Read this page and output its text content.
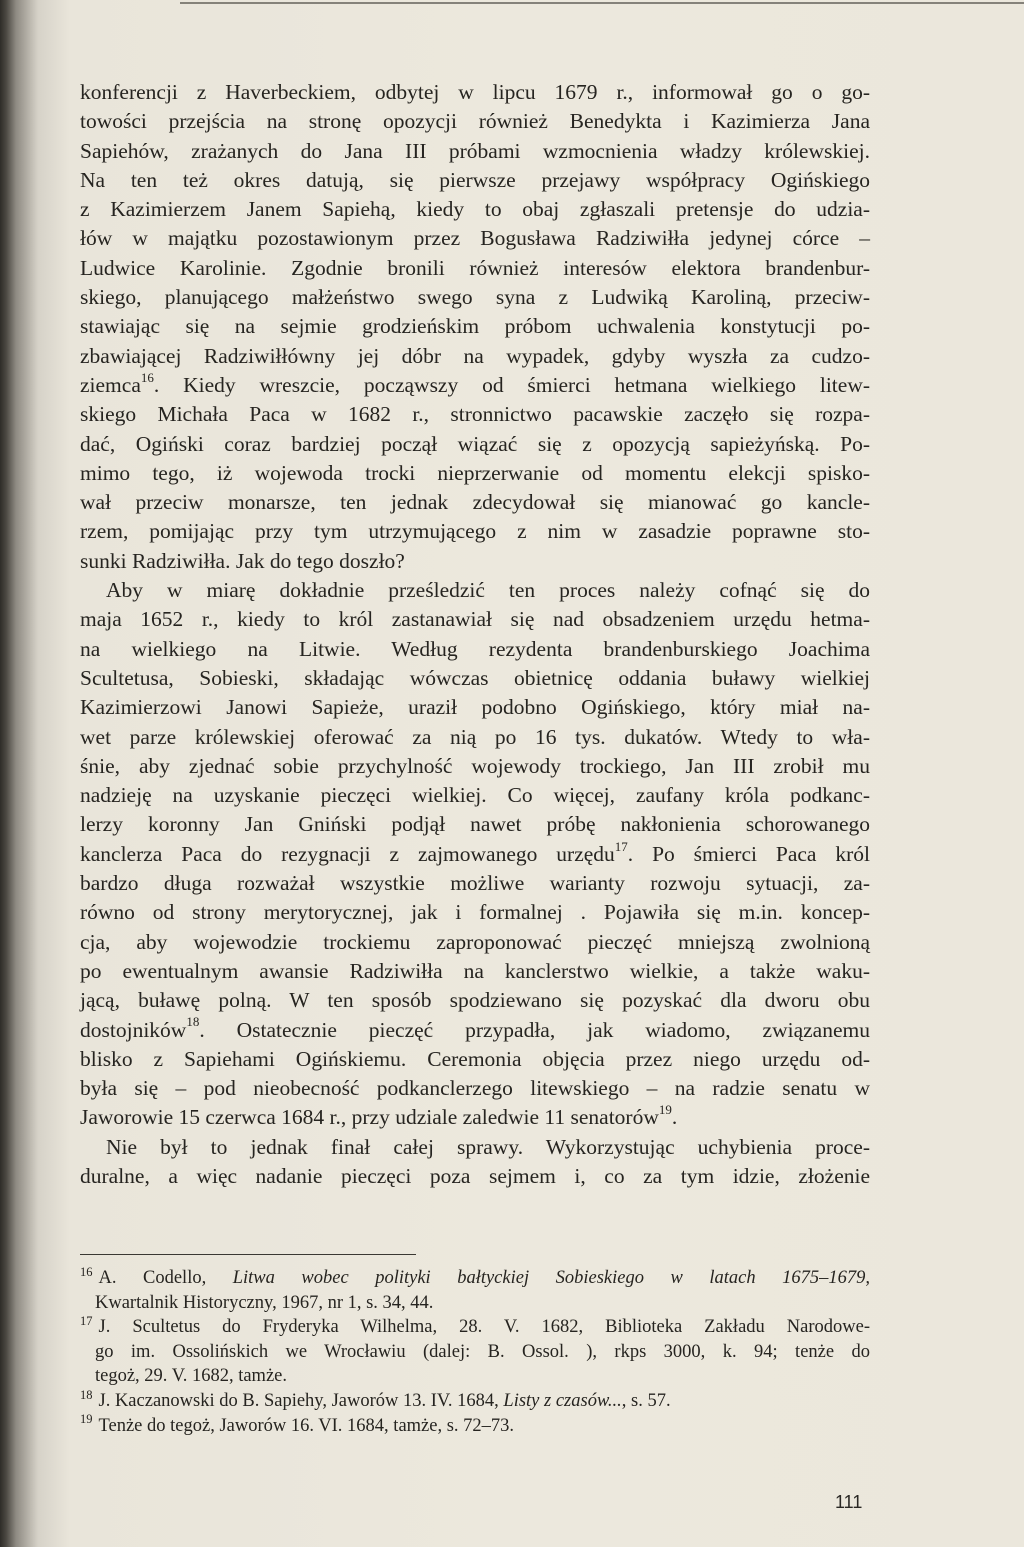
konferencji z Haverbeckiem, odbytej w lipcu 1679 r., informował go o go-
towości przejścia na stronę opozycji również Benedykta i Kazimierza Jana
Sapiehów, zrażanych do Jana III próbami wzmocnienia władzy królewskiej.
Na ten też okres datują, się pierwsze przejawy współpracy Ogińskiego
z Kazimierzem Janem Sapiehą, kiedy to obaj zgłaszali pretensje do udzia-
łów w majątku pozostawionym przez Bogusława Radziwiłła jedynej córce –
Ludwice Karolinie. Zgodnie bronili również interesów elektora brandenbur-
skiego, planującego małżeństwo swego syna z Ludwiką Karoliną, przeciw-
stawiając się na sejmie grodzieńskim próbom uchwalenia konstytucji po-
zbawiającej Radziwiłłówny jej dóbr na wypadek, gdyby wyszła za cudzo-
ziemca$^{16}$. Kiedy wreszcie, począwszy od śmierci hetmana wielkiego litew-
skiego Michała Paca w 1682 r., stronnictwo pacawskie zaczęło się rozpa-
dać, Ogiński coraz bardziej począł wiązać się z opozycją sapieżyńską. Po-
mimo tego, iż wojewoda trocki nieprzerwanie od momentu elekcji spisko-
wał przeciw monarsze, ten jednak zdecydował się mianować go kancle-
rzem, pomijając przy tym utrzymującego z nim w zasadzie poprawne sto-
sunki Radziwiłła. Jak do tego doszło?
Aby w miarę dokładnie prześledzić ten proces należy cofnąć się do
maja 1652 r., kiedy to król zastanawiał się nad obsadzeniem urzędu hetma-
na wielkiego na Litwie. Według rezydenta brandenburskiego Joachima
Scultetusa, Sobieski, składając wówczas obietnicę oddania buławy wielkiej
Kazimierzowi Janowi Sapieże, uraził podobno Ogińskiego, który miał na-
wet parze królewskiej oferować za nią po 16 tys. dukatów. Wtedy to wła-
śnie, aby zjednać sobie przychylność wojewody trockiego, Jan III zrobił mu
nadzieję na uzyskanie pieczęci wielkiej. Co więcej, zaufany króla podkanc-
lerzy koronny Jan Gniński podjął nawet próbę nakłonienia schorowanego
kanclerza Paca do rezygnacji z zajmowanego urzędu$^{17}$. Po śmierci Paca król
bardzo długa rozważał wszystkie możliwe warianty rozwoju sytuacji, za-
równo od strony merytorycznej, jak i formalnej . Pojawiła się m.in. koncep-
cja, aby wojewodzie trockiemu zaproponować pieczęć mniejszą zwolnioną
po ewentualnym awansie Radziwiłła na kanclerstwo wielkie, a także waku-
jącą, buławę polną. W ten sposób spodziewano się pozyskać dla dworu obu
dostojników$^{18}$. Ostatecznie pieczęć przypadła, jak wiadomo, związanemu
blisko z Sapiehami Ogińskiemu. Ceremonia objęcia przez niego urzędu od-
była się – pod nieobecność podkanclerzego litewskiego – na radzie senatu w
Jaworowie 15 czerwca 1684 r., przy udziale zaledwie 11 senatorów$^{19}$.
Nie był to jednak finał całej sprawy. Wykorzystując uchybienia proce-
duralne, a więc nadanie pieczęci poza sejmem i, co za tym idzie, złożenie
$^{16}$ A. Codello, Litwa wobec polityki bałtyckiej Sobieskiego w latach 1675–1679,
Kwartalnik Historyczny, 1967, nr 1, s. 34, 44.
$^{17}$ J. Scultetus do Fryderyka Wilhelma, 28. V. 1682, Biblioteka Zakładu Narodowe-
go im. Ossolińskich we Wrocławiu (dalej: B. Ossol. ), rkps 3000, k. 94; tenże do
tegoż, 29. V. 1682, tamże.
$^{18}$ J. Kaczanowski do B. Sapiehy, Jaworów 13. IV. 1684, Listy z czasów..., s. 57.
$^{19}$ Tenże do tegoż, Jaworów 16. VI. 1684, tamże, s. 72–73.
111
